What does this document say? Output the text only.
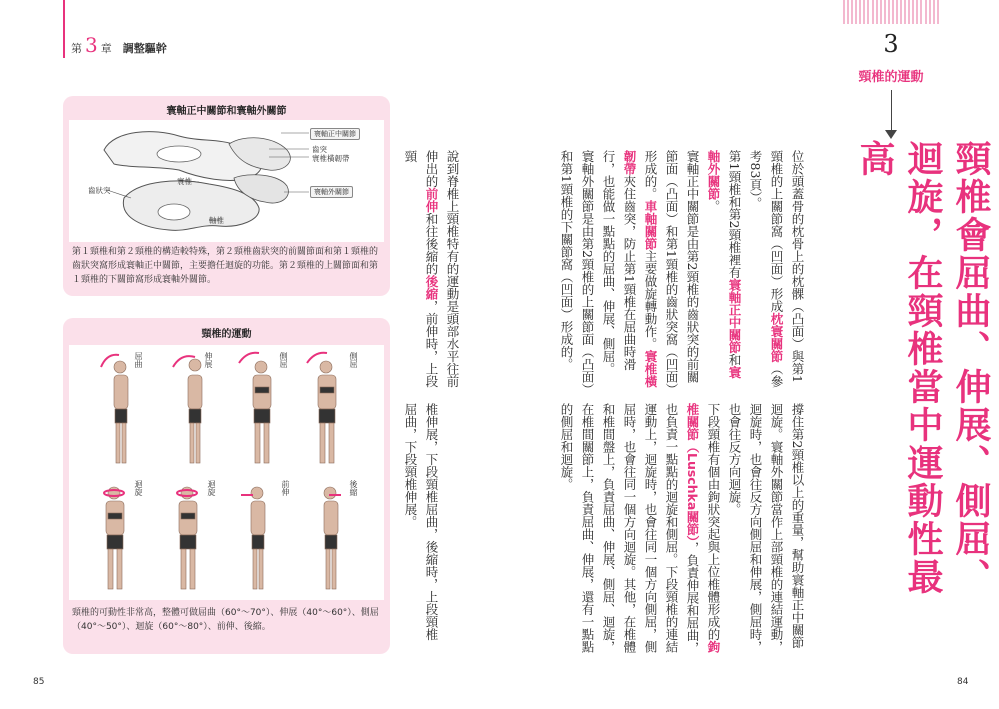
第 3 章 調整驅幹	3
頸椎的運動
頸椎會屈曲、伸展、側屈、迴旋，在頸椎當中運動性最高
位於頭蓋骨的枕骨上的枕髁（凸面）與第1頸椎的上關節窩（凹面）形成枕寰關節（參考83頁）。
第1頸椎和第2頸椎裡有寰軸正中關節和寰軸外關節。
寰軸正中關節是由第2頸椎的齒狀突的前關節面（凸面）和第1頸椎的齒狀突窩（凹面）形成的。車軸關節主要做旋轉動作。寰椎橫韌帶夾住齒突，防止第1頸椎在屈曲時滑行，也能做一點點的屈曲、伸展、側屈。
寰軸外關節是由第2頸椎的上關節面（凸面）和第1頸椎的下關節窩（凹面）形成的。
撐住第2頸椎以上的重量，幫助寰軸正中關節迴旋。寰軸外關節當作上部頸椎的連結運動，迴旋時，也會往反方向側屈和伸展，側屈時，也會往反方向迴旋。
下段頸椎有個由鉤狀突起與上位椎體形成的鉤椎關節（Luschka關節），負責伸展和屈曲，也負責一點點的迴旋和側屈。下段頸椎的連結運動上，迴旋時，也會往同一個方向側屈，側屈時，也會往同一個方向迴旋。其他，在椎體和椎間盤上，負責屈曲、伸展、側屈、迴旋，在椎間關節上，負責屈曲、伸展，還有一點點的側屈和迴旋。
說到脊椎上頸椎特有的運動是頭部水平往前伸出的前伸和往後縮的後縮，前伸時，上段頸
椎伸展，下段頸椎屈曲，後縮時，上段頸椎屈曲，下段頸椎伸展。
寰軸正中關節和寰軸外關節
寰軸正中關節
齒突
寰椎橫韌帶
寰軸外關節
齒狀突
寰椎
軸椎
第１頸椎和第２頸椎的構造較特殊，第２頸椎齒狀突的前關節面和第１頸椎的齒狀突窩形成寰軸正中關節，主要擔任迴旋的功能。第２頸椎的上關節面和第１頸椎的下關節窩形成寰軸外關節。
頸椎的運動
屈曲	伸展	側屈	側屈
迴旋	迴旋	前伸	後縮
頸椎的可動性非常高，整體可做屈曲（60°〜70°）、伸展（40°〜60°）、側屈（40°〜50°）、迴旋（60°〜80°）、前伸、後縮。
85	84
